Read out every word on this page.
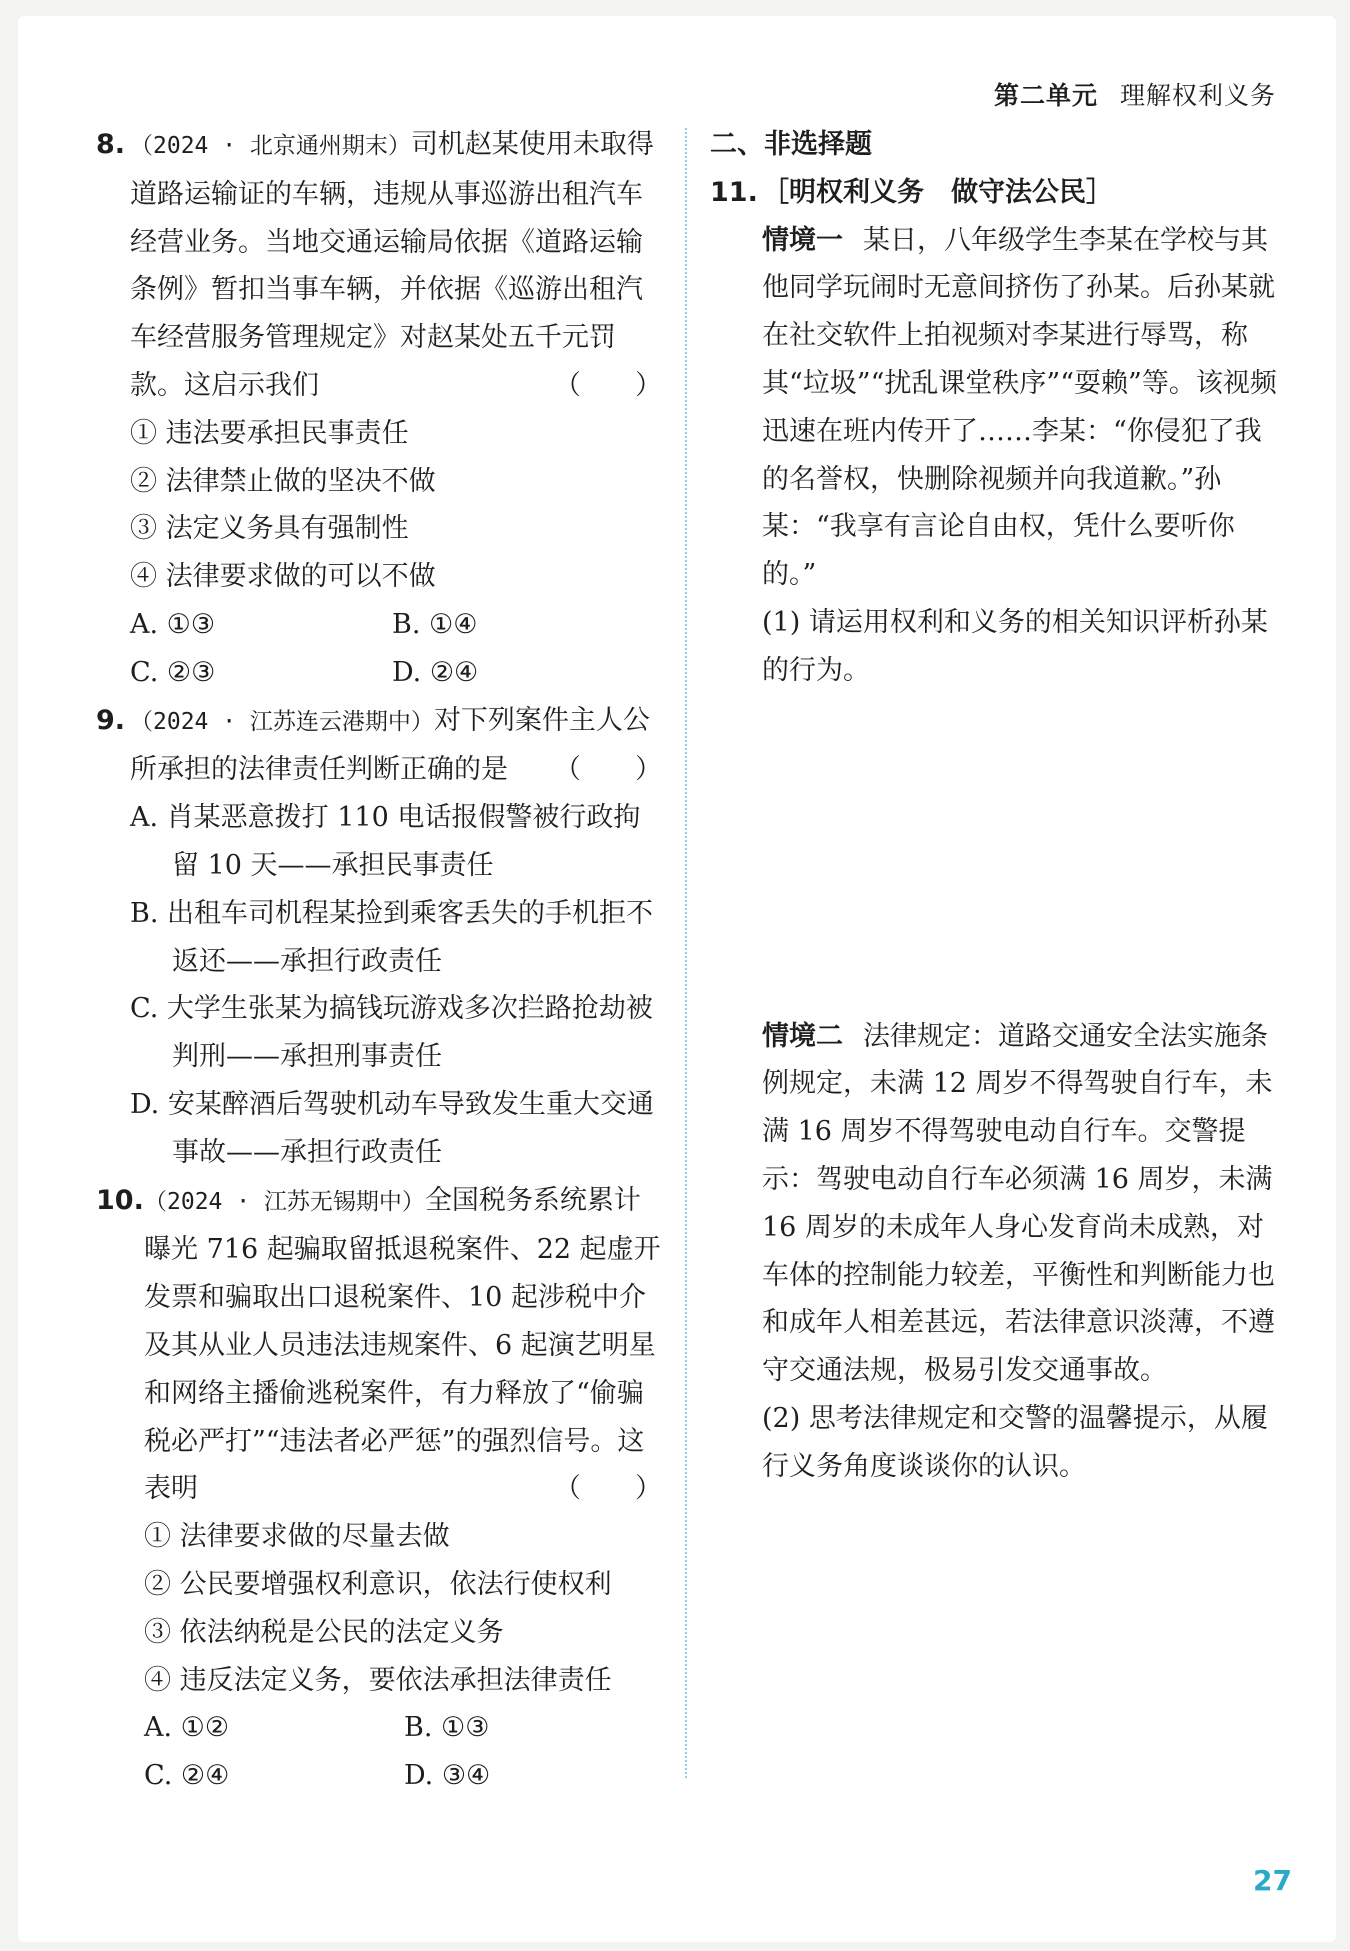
第二单元 理解权利义务
8. （2024 · 北京通州期末）司机赵某使用未取得道路运输证的车辆，违规从事巡游出租汽车经营业务。当地交通运输局依据《道路运输条例》暂扣当事车辆，并依据《巡游出租汽车经营服务管理规定》对赵某处五千元罚款。这启示我们	（　　）
① 违法要承担民事责任
② 法律禁止做的坚决不做
③ 法定义务具有强制性
④ 法律要求做的可以不做
A. ①③	B. ①④
C. ②③	D. ②④
9. （2024 · 江苏连云港期中）对下列案件主人公所承担的法律责任判断正确的是 （　　）
A. 肖某恶意拨打 110 电话报假警被行政拘留 10 天——承担民事责任
B. 出租车司机程某捡到乘客丢失的手机拒不返还——承担行政责任
C. 大学生张某为搞钱玩游戏多次拦路抢劫被判刑——承担刑事责任
D. 安某醉酒后驾驶机动车导致发生重大交通事故——承担行政责任
10. （2024 · 江苏无锡期中）全国税务系统累计曝光 716 起骗取留抵退税案件、22 起虚开发票和骗取出口退税案件、10 起涉税中介及其从业人员违法违规案件、6 起演艺明星和网络主播偷逃税案件，有力释放了“偷骗税必严打”“违法者必严惩”的强烈信号。这表明	（　　）
① 法律要求做的尽量去做
② 公民要增强权利意识，依法行使权利
③ 依法纳税是公民的法定义务
④ 违反法定义务，要依法承担法律责任
A. ①②	B. ①③
C. ②④	D. ③④
二、非选择题
11. ［明权利义务　做守法公民］
情境一 某日，八年级学生李某在学校与其他同学玩闹时无意间挤伤了孙某。后孙某就在社交软件上拍视频对李某进行辱骂，称其“垃圾”“扰乱课堂秩序”“耍赖”等。该视频迅速在班内传开了……李某：“你侵犯了我的名誉权，快删除视频并向我道歉。”孙某：“我享有言论自由权，凭什么要听你的。”
(1) 请运用权利和义务的相关知识评析孙某的行为。
情境二 法律规定：道路交通安全法实施条例规定，未满 12 周岁不得驾驶自行车，未满 16 周岁不得驾驶电动自行车。交警提示：驾驶电动自行车必须满 16 周岁，未满 16 周岁的未成年人身心发育尚未成熟，对车体的控制能力较差，平衡性和判断能力也和成年人相差甚远，若法律意识淡薄，不遵守交通法规，极易引发交通事故。
(2) 思考法律规定和交警的温馨提示，从履行义务角度谈谈你的认识。
27
